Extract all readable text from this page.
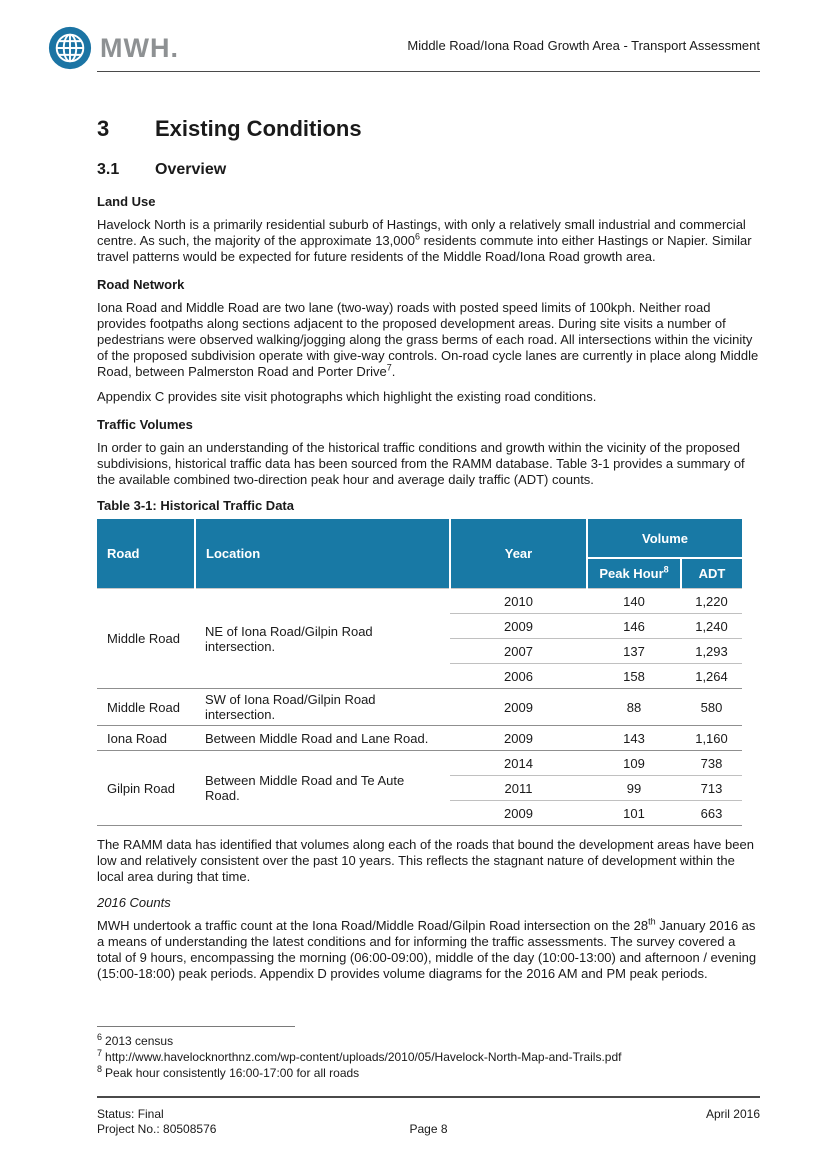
MWH.	Middle Road/Iona Road Growth Area - Transport Assessment
3	Existing Conditions
3.1	Overview
Land Use

Havelock North is a primarily residential suburb of Hastings, with only a relatively small industrial and commercial centre. As such, the majority of the approximate 13,000$^6$ residents commute into either Hastings or Napier. Similar travel patterns would be expected for future residents of the Middle Road/Iona Road growth area.

Road Network

Iona Road and Middle Road are two lane (two-way) roads with posted speed limits of 100kph. Neither road provides footpaths along sections adjacent to the proposed development areas. During site visits a number of pedestrians were observed walking/jogging along the grass berms of each road. All intersections within the vicinity of the proposed subdivision operate with give-way controls. On-road cycle lanes are currently in place along Middle Road, between Palmerston Road and Porter Drive$^7$.

Appendix C provides site visit photographs which highlight the existing road conditions.

Traffic Volumes

In order to gain an understanding of the historical traffic conditions and growth within the vicinity of the proposed subdivisions, historical traffic data has been sourced from the RAMM database. Table 3-1 provides a summary of the available combined two-direction peak hour and average daily traffic (ADT) counts.

Table 3-1: Historical Traffic Data
Road	Location	Year	Volume	
			Peak Hour$^8$	ADT
Middle Road	NE of Iona Road/Gilpin Road intersection.	2010	140	1,220
		2009	146	1,240
		2007	137	1,293
		2006	158	1,264
Middle Road	SW of Iona Road/Gilpin Road intersection.	2009	88	580
Iona Road	Between Middle Road and Lane Road.	2009	143	1,160
Gilpin Road	Between Middle Road and Te Aute Road.	2014	109	738
		2011	99	713
		2009	101	663

The RAMM data has identified that volumes along each of the roads that bound the development areas have been low and relatively consistent over the past 10 years. This reflects the stagnant nature of development within the local area during that time.

2016 Counts

MWH undertook a traffic count at the Iona Road/Middle Road/Gilpin Road intersection on the 28th January 2016 as a means of understanding the latest conditions and for informing the traffic assessments. The survey covered a total of 9 hours, encompassing the morning (06:00-09:00), middle of the day (10:00-13:00) and afternoon / evening (15:00-18:00) peak periods. Appendix D provides volume diagrams for the 2016 AM and PM peak periods.

$^6$ 2013 census
$^7$ http://www.havelocknorthnz.com/wp-content/uploads/2010/05/Havelock-North-Map-and-Trails.pdf
$^8$ Peak hour consistently 16:00-17:00 for all roads
Status: Final	April 2016
Project No.: 80508576	Page 8
